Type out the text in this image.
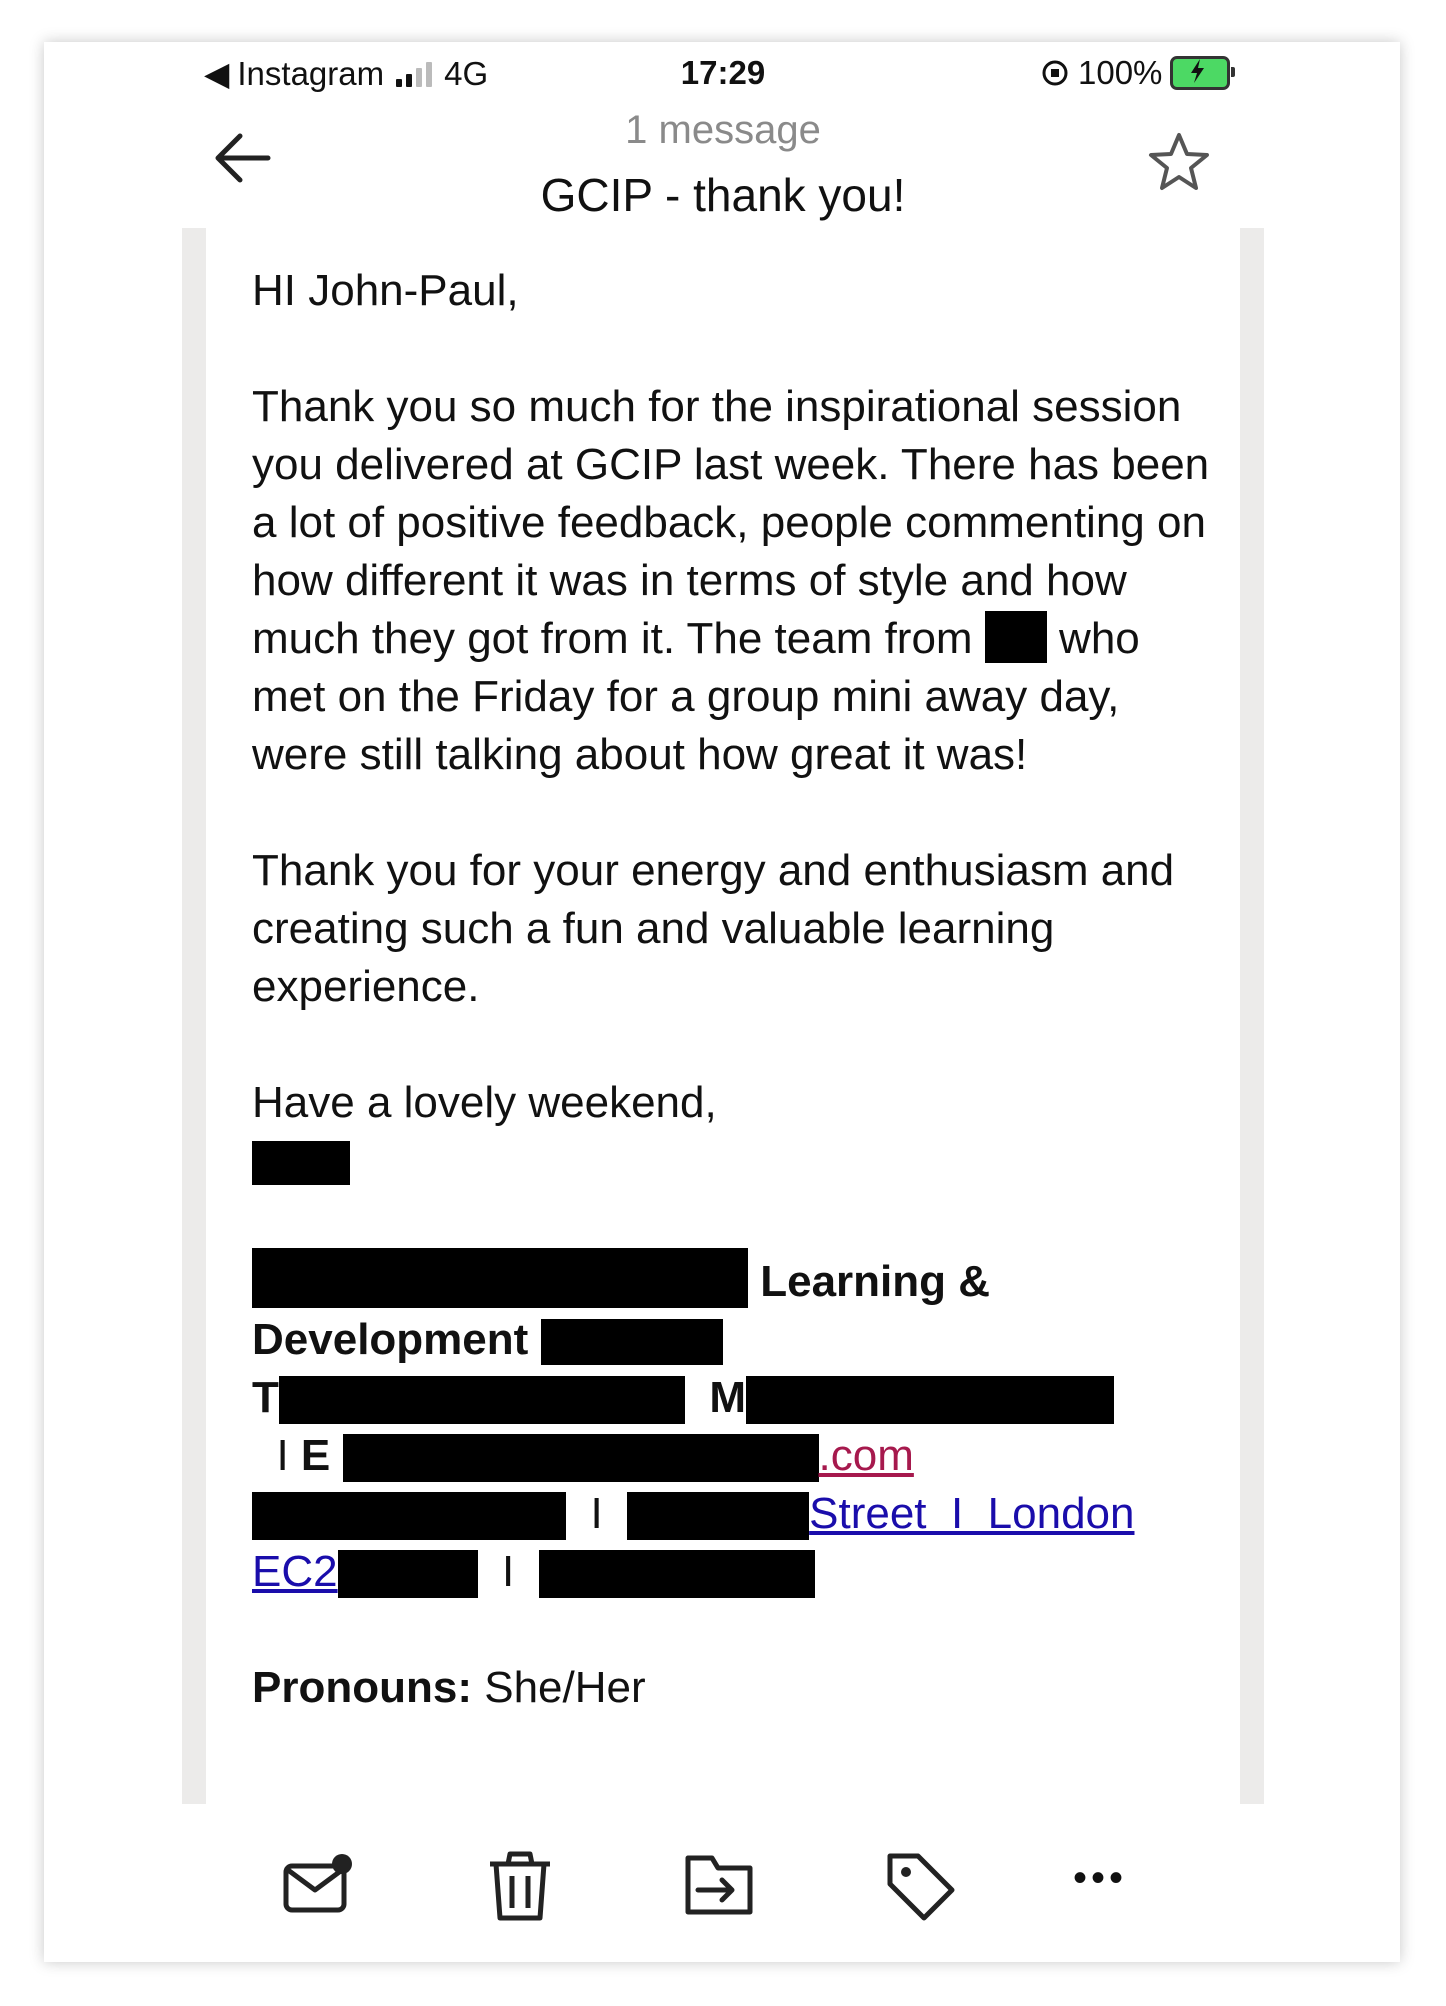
◀ Instagram 4G	17:29	100%
1 message
GCIP - thank you!

HI John-Paul,

Thank you so much for the inspirational session you delivered at GCIP last week. There has been a lot of positive feedback, people commenting on how different it was in terms of style and how much they got from it. The team from who met on the Friday for a group mini away day, were still talking about how great it was!

Thank you for your energy and enthusiasm and creating such a fun and valuable learning experience.

Have a lovely weekend,

Learning &

Development

T	M

I E	.com

I	Street  I  London

EC2	I

Pronouns: She/Her

•••
